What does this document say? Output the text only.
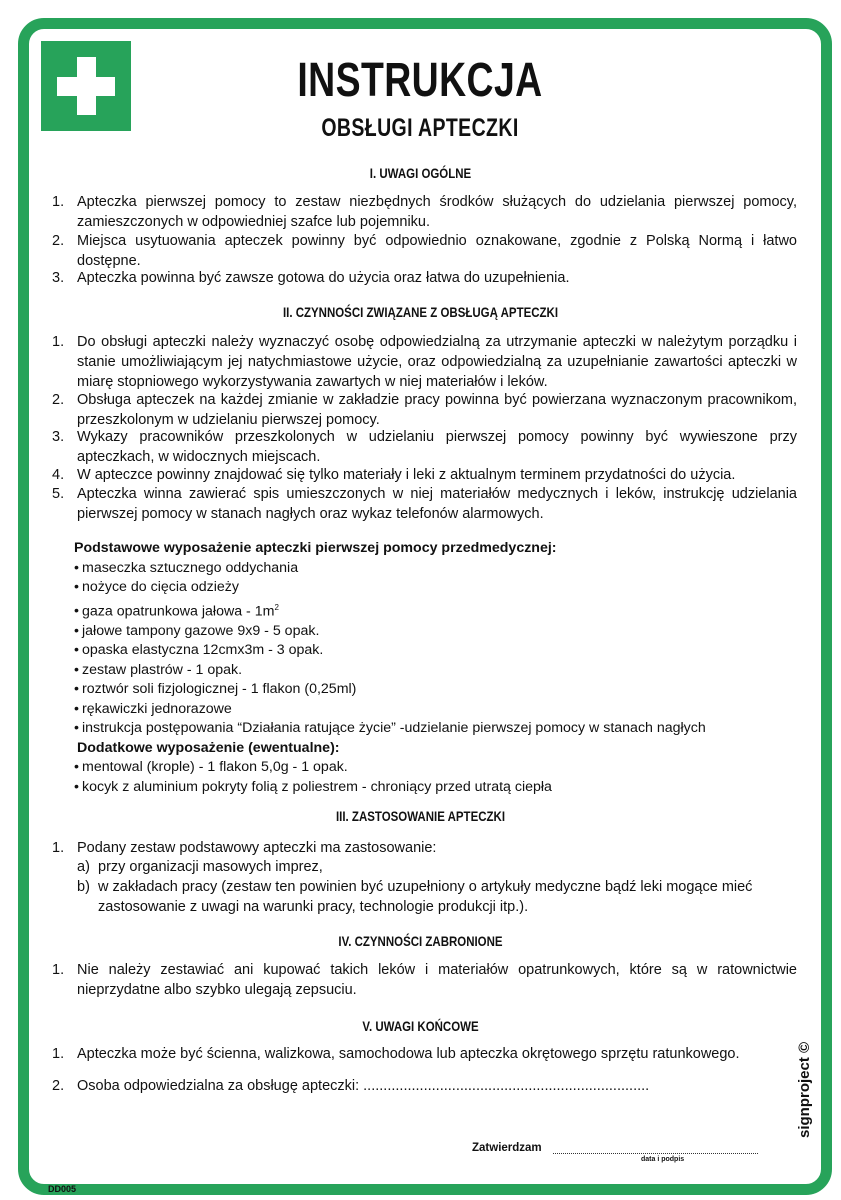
INSTRUKCJA
OBSŁUGI APTECZKI
I. UWAGI OGÓLNE
1. Apteczka pierwszej pomocy to zestaw niezbędnych środków służących do udzielania pierwszej pomocy, zamieszczonych w odpowiedniej szafce lub pojemniku.
2. Miejsca usytuowania apteczek powinny być odpowiednio oznakowane, zgodnie z Polską Normą i łatwo dostępne.
3. Apteczka powinna być zawsze gotowa do użycia oraz łatwa do uzupełnienia.
II. CZYNNOŚCI ZWIĄZANE Z OBSŁUGĄ APTECZKI
1. Do obsługi apteczki należy wyznaczyć osobę odpowiedzialną za utrzymanie apteczki w należytym porządku i stanie umożliwiającym jej natychmiastowe użycie, oraz odpowiedzialną za uzupełnianie zawartości apteczki w miarę stopniowego wykorzystywania zawartych w niej materiałów i leków.
2. Obsługa apteczek na każdej zmianie w zakładzie pracy powinna być powierzana wyznaczonym pracownikom, przeszkolonym w udzielaniu pierwszej pomocy.
3. Wykazy pracowników przeszkolonych w udzielaniu pierwszej pomocy powinny być wywieszone przy apteczkach, w widocznych miejscach.
4. W apteczce powinny znajdować się tylko materiały i leki z aktualnym terminem przydatności do użycia.
5. Apteczka winna zawierać spis umieszczonych w niej materiałów medycznych i leków, instrukcję udzielania pierwszej pomocy w stanach nagłych oraz wykaz telefonów alarmowych.
Podstawowe wyposażenie apteczki pierwszej pomocy przedmedycznej:
• maseczka sztucznego oddychania
• nożyce do cięcia odzieży
• gaza opatrunkowa jałowa - $1m^2$
• jałowe tampony gazowe 9x9 - 5 opak.
• opaska elastyczna 12cmx3m - 3 opak.
• zestaw plastrów - 1 opak.
• roztwór soli fizjologicznej - 1 flakon (0,25ml)
• rękawiczki jednorazowe
• instrukcja postępowania “Działania ratujące życie” -udzielanie pierwszej pomocy w stanach nagłych
Dodatkowe wyposażenie (ewentualne):
• mentowal (krople) - 1 flakon 5,0g - 1 opak.
• kocyk z aluminium pokryty folią z poliestrem - chroniący przed utratą ciepła
III. ZASTOSOWANIE APTECZKI
1. Podany zestaw podstawowy apteczki ma zastosowanie:
a) przy organizacji masowych imprez,
b) w zakładach pracy (zestaw ten powinien być uzupełniony o artykuły medyczne bądź leki mogące mieć zastosowanie z uwagi na warunki pracy, technologie produkcji itp.).
IV. CZYNNOŚCI ZABRONIONE
1. Nie należy zestawiać ani kupować takich leków i materiałów opatrunkowych, które są w ratownictwie nieprzydatne albo szybko ulegają zepsuciu.
V. UWAGI KOŃCOWE
1. Apteczka może być ścienna, walizkowa, samochodowa lub apteczka okrętowego sprzętu ratunkowego.
2. Osoba odpowiedzialna za obsługę apteczki: .......................................................................
Zatwierdzam
data i podpis
signproject ©
DD005
